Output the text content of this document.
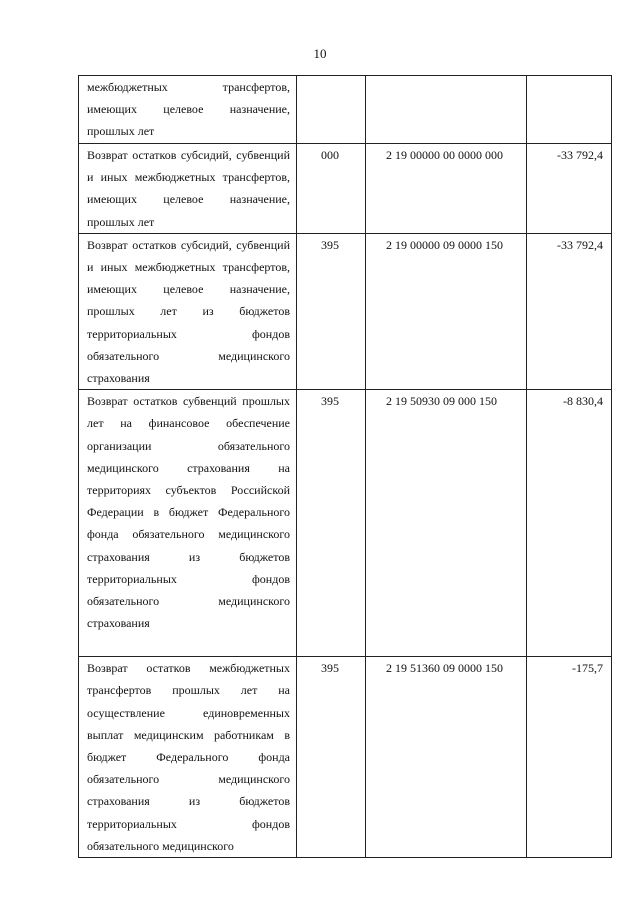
10
межбюджетных трансфертов, имеющих целевое назначение, прошлых лет			

Возврат остатков субсидий, субвенций и иных межбюджетных трансфертов, имеющих целевое назначение, прошлых лет	000	2 19 00000 00 0000 000	-33 792,4

Возврат остатков субсидий, субвенций и иных межбюджетных трансфертов, имеющих целевое назначение, прошлых лет из бюджетов территориальных фондов обязательного медицинского страхования	395	2 19 00000 09 0000 150	-33 792,4

Возврат остатков субвенций прошлых лет на финансовое обеспечение организации обязательного медицинского страхования на территориях субъектов Российской Федерации в бюджет Федерального фонда обязательного медицинского страхования из бюджетов территориальных фондов обязательного медицинского страхования	395	2 19 50930 09 000 150	-8 830,4

Возврат остатков межбюджетных трансфертов прошлых лет на осуществление единовременных выплат медицинским работникам в бюджет Федерального фонда обязательного медицинского страхования из бюджетов территориальных фондов обязательного медицинского	395	2 19 51360 09 0000 150	-175,7
